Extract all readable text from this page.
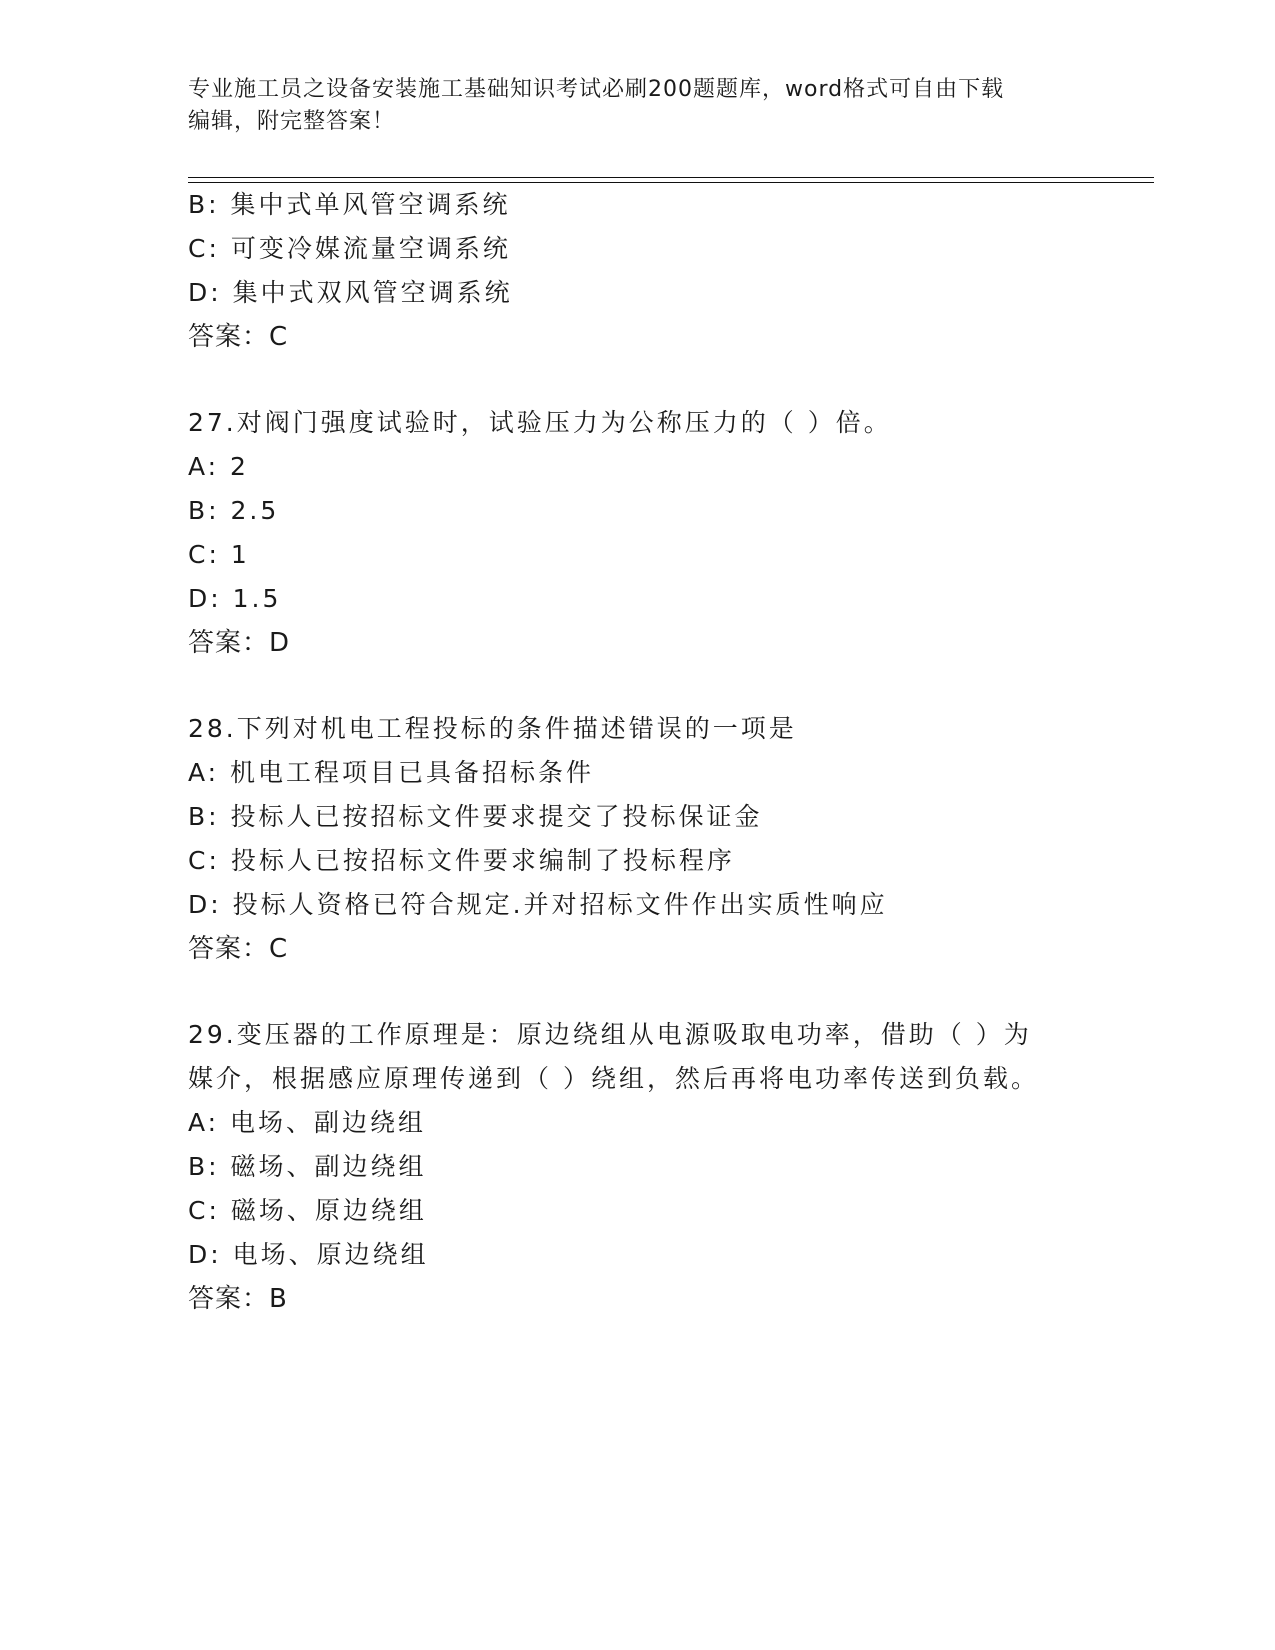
专业施工员之设备安装施工基础知识考试必刷200题题库，word格式可自由下载
编辑，附完整答案！
B: 集中式单风管空调系统
C: 可变冷媒流量空调系统
D: 集中式双风管空调系统
答案：C
27.对阀门强度试验时，试验压力为公称压力的（ ）倍。
A: 2
B: 2.5
C: 1
D: 1.5
答案：D
28.下列对机电工程投标的条件描述错误的一项是
A: 机电工程项目已具备招标条件
B: 投标人已按招标文件要求提交了投标保证金
C: 投标人已按招标文件要求编制了投标程序
D: 投标人资格已符合规定.并对招标文件作出实质性响应
答案：C
29.变压器的工作原理是：原边绕组从电源吸取电功率，借助（ ）为
媒介，根据感应原理传递到（ ）绕组，然后再将电功率传送到负载。
A: 电场、副边绕组
B: 磁场、副边绕组
C: 磁场、原边绕组
D: 电场、原边绕组
答案：B
